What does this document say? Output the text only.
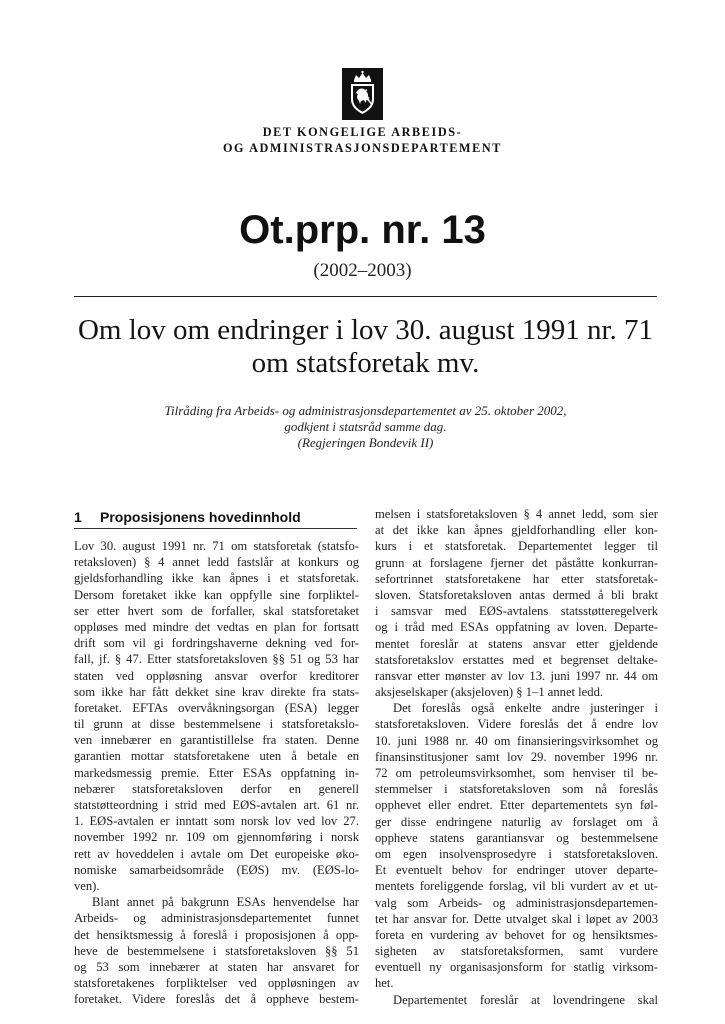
DET KONGELIGE ARBEIDS-
OG ADMINISTRASJONSDEPARTEMENT
Ot.prp. nr. 13
(2002–2003)
Om lov om endringer i lov 30. august 1991 nr. 71
om statsforetak mv.
Tilråding fra Arbeids- og administrasjonsdepartementet av 25. oktober 2002,
godkjent i statsråd samme dag.
(Regjeringen Bondevik II)
1 Proposisjonens hovedinnhold
Lov 30. august 1991 nr. 71 om statsforetak (statsfo-
retaksloven) § 4 annet ledd fastslår at konkurs og
gjeldsforhandling ikke kan åpnes i et statsforetak.
Dersom foretaket ikke kan oppfylle sine forpliktel-
ser etter hvert som de forfaller, skal statsforetaket
oppløses med mindre det vedtas en plan for fortsatt
drift som vil gi fordringshaverne dekning ved for-
fall, jf. § 47. Etter statsforetaksloven §§ 51 og 53 har
staten ved oppløsning ansvar overfor kreditorer
som ikke har fått dekket sine krav direkte fra stats-
foretaket. EFTAs overvåkningsorgan (ESA) legger
til grunn at disse bestemmelsene i statsforetakslo-
ven innebærer en garantistillelse fra staten. Denne
garantien mottar statsforetakene uten å betale en
markedsmessig premie. Etter ESAs oppfatning in-
nebærer statsforetaksloven derfor en generell
statstøtteordning i strid med EØS-avtalen art. 61 nr.
1. EØS-avtalen er inntatt som norsk lov ved lov 27.
november 1992 nr. 109 om gjennomføring i norsk
rett av hoveddelen i avtale om Det europeiske øko-
nomiske samarbeidsområde (EØS) mv. (EØS-lo-
ven).
Blant annet på bakgrunn ESAs henvendelse har
Arbeids- og administrasjonsdepartementet funnet
det hensiktsmessig å foreslå i proposisjonen å opp-
heve de bestemmelsene i statsforetaksloven §§ 51
og 53 som innebærer at staten har ansvaret for
statsforetakenes forpliktelser ved oppløsningen av
foretaket. Videre foreslås det å oppheve bestem-
melsen i statsforetaksloven § 4 annet ledd, som sier
at det ikke kan åpnes gjeldforhandling eller kon-
kurs i et statsforetak. Departementet legger til
grunn at forslagene fjerner det påståtte konkurran-
sefortrinnet statsforetakene har etter statsforetak-
sloven. Statsforetaksloven antas dermed å bli brakt
i samsvar med EØS-avtalens statsstøtteregelverk
og i tråd med ESAs oppfatning av loven. Departe-
mentet foreslår at statens ansvar etter gjeldende
statsforetakslov erstattes med et begrenset deltake-
ransvar etter mønster av lov 13. juni 1997 nr. 44 om
aksjeselskaper (aksjeloven) § 1–1 annet ledd.
Det foreslås også enkelte andre justeringer i
statsforetaksloven. Videre foreslås det å endre lov
10. juni 1988 nr. 40 om finansieringsvirksomhet og
finansinstitusjoner samt lov 29. november 1996 nr.
72 om petroleumsvirksomhet, som henviser til be-
stemmelser i statsforetaksloven som nå foreslås
opphevet eller endret. Etter departementets syn føl-
ger disse endringene naturlig av forslaget om å
oppheve statens garantiansvar og bestemmelsene
om egen insolvensprosedyre i statsforetaksloven.
Et eventuelt behov for endringer utover departe-
mentets foreliggende forslag, vil bli vurdert av et ut-
valg som Arbeids- og administrasjonsdepartemen-
tet har ansvar for. Dette utvalget skal i løpet av 2003
foreta en vurdering av behovet for og hensiktsmes-
sigheten av statsforetaksformen, samt vurdere
eventuell ny organisasjonsform for statlig virksom-
het.
Departementet foreslår at lovendringene skal
